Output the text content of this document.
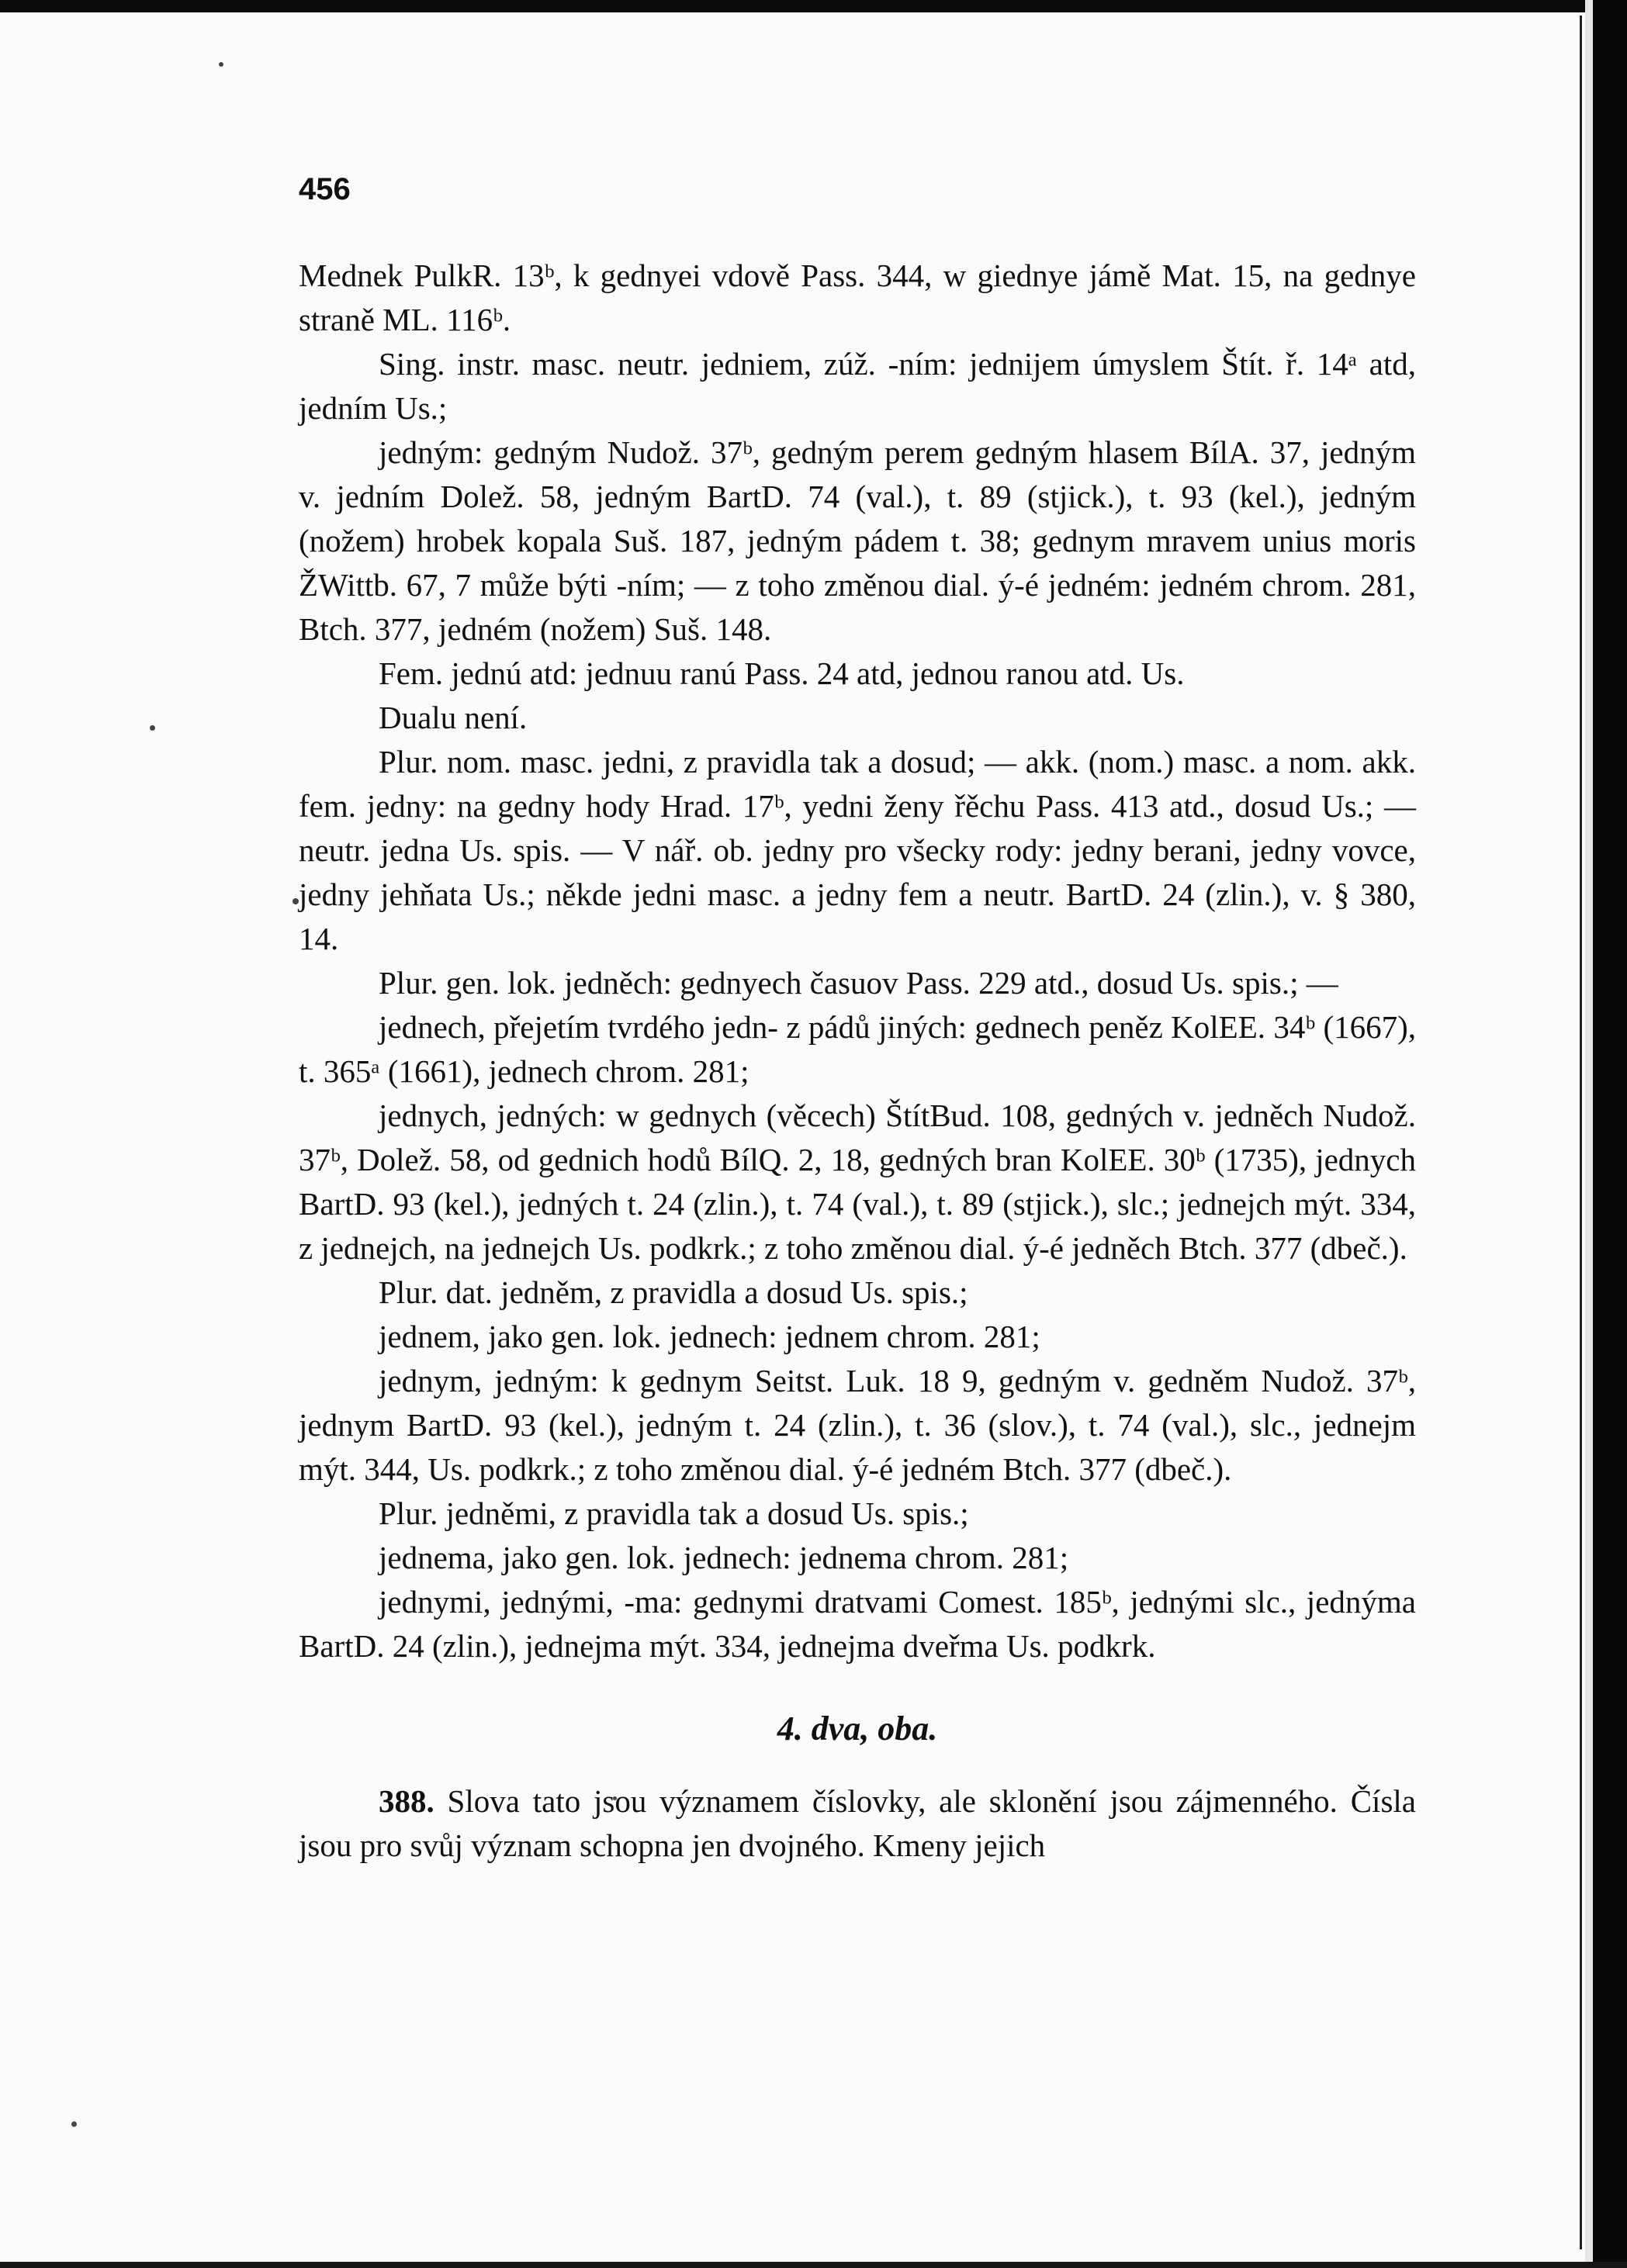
456

Mednek PulkR. 13ᵇ, k gednyei vdově Pass. 344, w giednye jámě Mat. 15, na gednye straně ML. 116ᵇ.

Sing. instr. masc. neutr. jedniem, zúž. -ním: jednijem úmyslem Štít. ř. 14ᵃ atd, jedním Us.;

jedným: gedným Nudož. 37ᵇ, gedným perem gedným hlasem BílA. 37, jedným v. jedním Dolež. 58, jedným BartD. 74 (val.), t. 89 (stjick.), t. 93 (kel.), jedným (nožem) hrobek kopala Suš. 187, jedným pádem t. 38; gednym mravem unius moris ŽWittb. 67, 7 může býti -ním; — z toho změnou dial. ý-é jedném: jedném chrom. 281, Btch. 377, jedném (nožem) Suš. 148.

Fem. jednú atd: jednuu ranú Pass. 24 atd, jednou ranou atd. Us.

Dualu není.

Plur. nom. masc. jedni, z pravidla tak a dosud; — akk. (nom.) masc. a nom. akk. fem. jedny: na gedny hody Hrad. 17ᵇ, yedni ženy řěchu Pass. 413 atd., dosud Us.; — neutr. jedna Us. spis. — V nář. ob. jedny pro všecky rody: jedny berani, jedny vovce, jedny jehňata Us.; někde jedni masc. a jedny fem a neutr. BartD. 24 (zlin.), v. § 380, 14.

Plur. gen. lok. jedněch: gednyech časuov Pass. 229 atd., dosud Us. spis.; —

jednech, přejetím tvrdého jedn- z pádů jiných: gednech peněz KolEE. 34ᵇ (1667), t. 365ᵃ (1661), jednech chrom. 281;

jednych, jedných: w gednych (věcech) ŠtítBud. 108, gedných v. jedněch Nudož. 37ᵇ, Dolež. 58, od gednich hodů BílQ. 2, 18, gedných bran KolEE. 30ᵇ (1735), jednych BartD. 93 (kel.), jedných t. 24 (zlin.), t. 74 (val.), t. 89 (stjick.), slc.; jednejch mýt. 334, z jednejch, na jednejch Us. podkrk.; z toho změnou dial. ý-é jedněch Btch. 377 (dbeč.).

Plur. dat. jedněm, z pravidla a dosud Us. spis.;

jednem, jako gen. lok. jednech: jednem chrom. 281;

jednym, jedným: k gednym Seitst. Luk. 18 9, gedným v. gedněm Nudož. 37ᵇ, jednym BartD. 93 (kel.), jedným t. 24 (zlin.), t. 36 (slov.), t. 74 (val.), slc., jednejm mýt. 344, Us. podkrk.; z toho změnou dial. ý-é jedném Btch. 377 (dbeč.).

Plur. jedněmi, z pravidla tak a dosud Us. spis.;

jednema, jako gen. lok. jednech: jednema chrom. 281;

jednymi, jednými, -ma: gednymi dratvami Comest. 185ᵇ, jednými slc., jednýma BartD. 24 (zlin.), jednejma mýt. 334, jednejma dveřma Us. podkrk.

4. dva, oba.

388. Slova tato jsou významem číslovky, ale sklonění jsou zájmenného. Čísla jsou pro svůj význam schopna jen dvojného. Kmeny jejich
